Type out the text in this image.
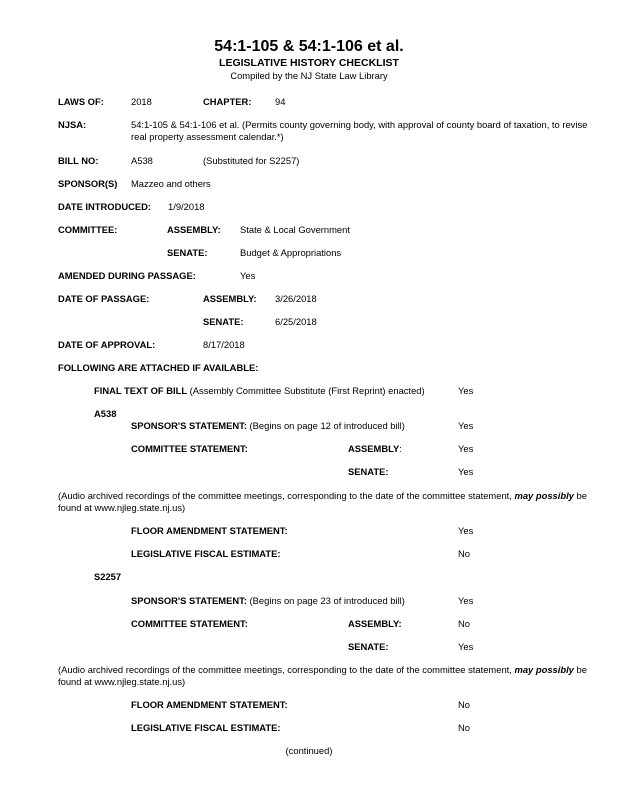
54:1-105 & 54:1-106 et al.
LEGISLATIVE HISTORY CHECKLIST
Compiled by the NJ State Law Library
LAWS OF:	2018	CHAPTER:	94
NJSA:	54:1-105 & 54:1-106 et al. (Permits county governing body, with approval of county board of taxation, to revise real property assessment calendar.*)
BILL NO:	A538	(Substituted for S2257)
SPONSOR(S) Mazzeo and others
DATE INTRODUCED: 1/9/2018
COMMITTEE:	ASSEMBLY: State & Local Government
SENATE:	Budget & Appropriations
AMENDED DURING PASSAGE:	Yes
DATE OF PASSAGE:	ASSEMBLY: 3/26/2018
SENATE:	6/25/2018
DATE OF APPROVAL:	8/17/2018
FOLLOWING ARE ATTACHED IF AVAILABLE:
FINAL TEXT OF BILL (Assembly Committee Substitute (First Reprint) enacted)	Yes
A538
SPONSOR'S STATEMENT: (Begins on page 12 of introduced bill)	Yes
COMMITTEE STATEMENT:	ASSEMBLY:	Yes
SENATE:	Yes
(Audio archived recordings of the committee meetings, corresponding to the date of the committee statement, may possibly be found at www.njleg.state.nj.us)
FLOOR AMENDMENT STATEMENT:	Yes
LEGISLATIVE FISCAL ESTIMATE:	No
S2257
SPONSOR'S STATEMENT: (Begins on page 23 of introduced bill)	Yes
COMMITTEE STATEMENT:	ASSEMBLY:	No
SENATE:	Yes
(Audio archived recordings of the committee meetings, corresponding to the date of the committee statement, may possibly be found at www.njleg.state.nj.us)
FLOOR AMENDMENT STATEMENT:	No
LEGISLATIVE FISCAL ESTIMATE:	No
(continued)
